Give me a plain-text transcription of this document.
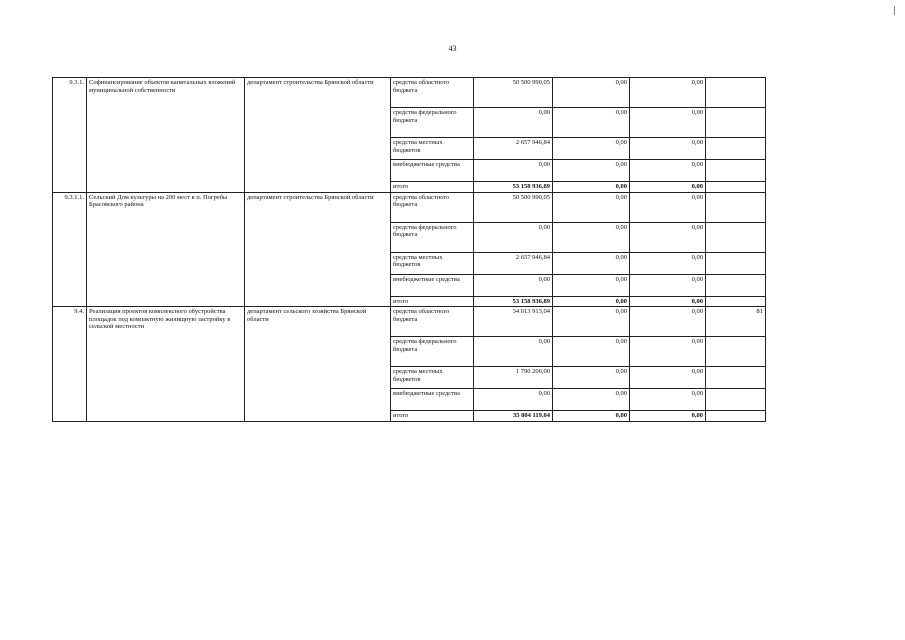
43
9.3.1.	Софинансирование объектов капитальных вложений муниципальной собственности	департамент строительства Брянской области	средства областного бюджета	50 500 990,05	0,00	0,00	
			средства федерального бюджета	0,00	0,00	0,00	
			средства местных бюджетов	2 657 946,84	0,00	0,00	
			внебюджетные средства	0,00	0,00	0,00	
			итого	53 158 936,89	0,00	0,00	
9.3.1.1.	Сельский Дом культуры на 200 мест в п. Погребы Брасовского района	департамент строительства Брянской области	средства областного бюджета	50 500 990,05	0,00	0,00	
			средства федерального бюджета	0,00	0,00	0,00	
			средства местных бюджетов	2 657 946,84	0,00	0,00	
			внебюджетные средства	0,00	0,00	0,00	
			итого	53 158 936,89	0,00	0,00	
9.4.	Реализация проектов комплексного обустройства площадок под компактную жилищную застройку в сельской местности	департамент сельского хозяйства Брянской области	средства областного бюджета	34 013 913,04	0,00	0,00	81
			средства федерального бюджета	0,00	0,00	0,00	
			средства местных бюджетов	1 790 206,00	0,00	0,00	
			внебюджетные средства	0,00	0,00	0,00	
			итого	35 804 119,04	0,00	0,00	
